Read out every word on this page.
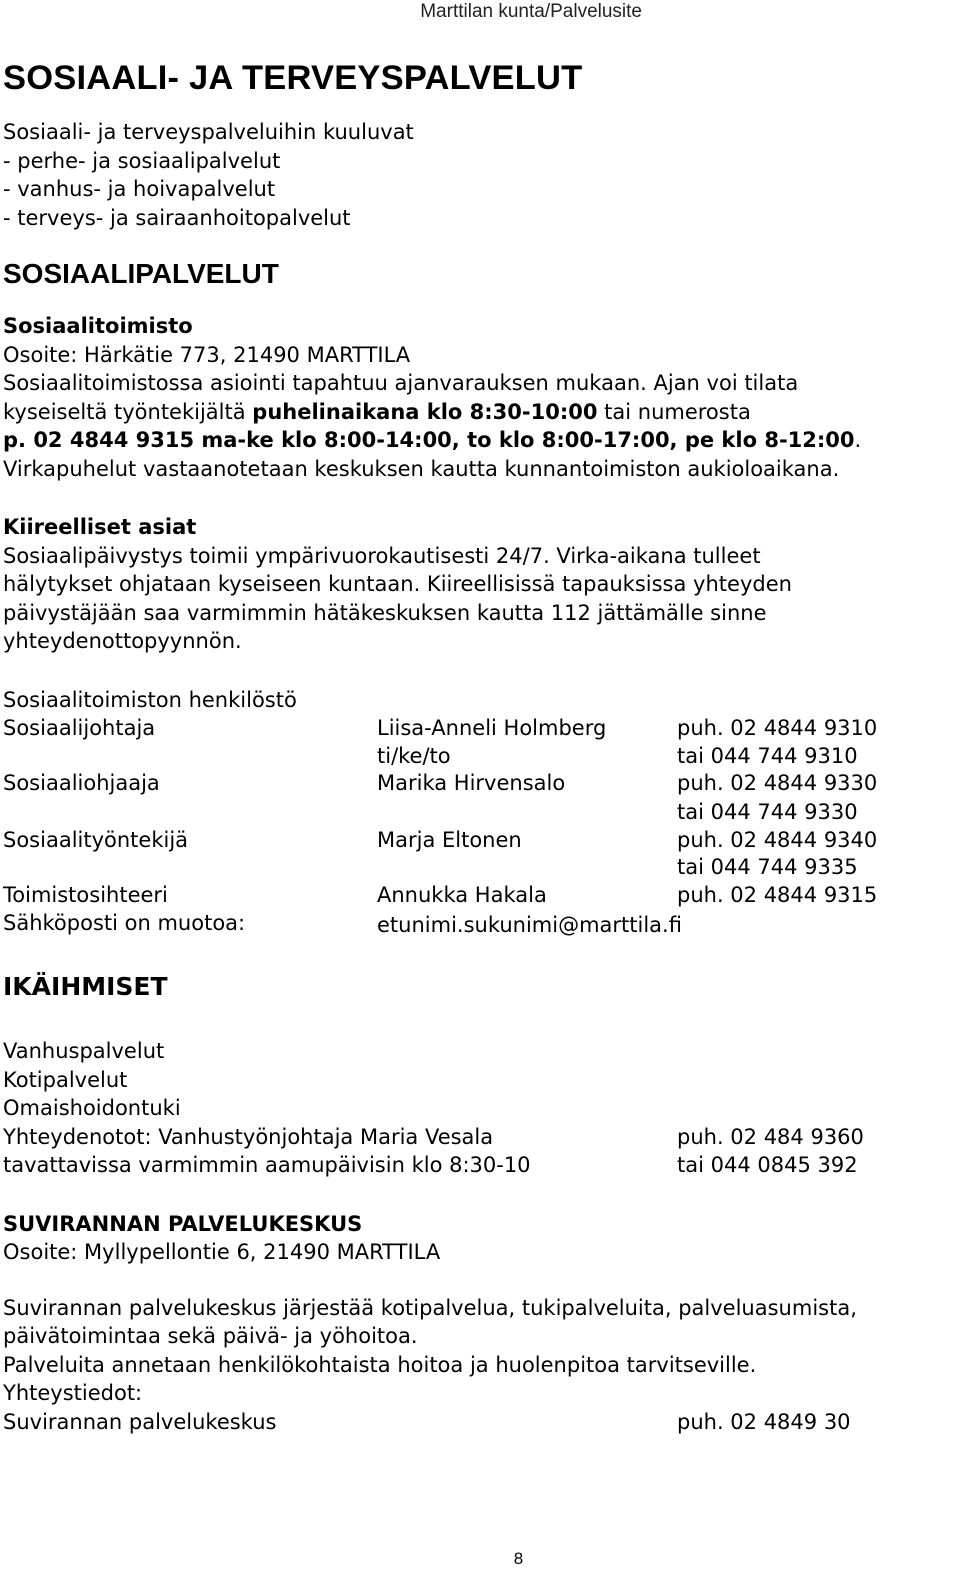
Marttilan kunta/Palvelusite
SOSIAALI- JA TERVEYSPALVELUT
Sosiaali- ja terveyspalveluihin kuuluvat
- perhe- ja sosiaalipalvelut
- vanhus- ja hoivapalvelut
- terveys- ja sairaanhoitopalvelut
SOSIAALIPALVELUT
Sosiaalitoimisto
Osoite: Härkätie 773, 21490 MARTTILA
Sosiaalitoimistossa asiointi tapahtuu ajanvarauksen mukaan. Ajan voi tilata
kyseiseltä työntekijältä puhelinaikana klo 8:30-10:00 tai numerosta
p. 02 4844 9315 ma-ke klo 8:00-14:00, to klo 8:00-17:00, pe klo 8-12:00.
Virkapuhelut vastaanotetaan keskuksen kautta kunnantoimiston aukioloaikana.
Kiireelliset asiat
Sosiaalipäivystys toimii ympärivuorokautisesti 24/7. Virka-aikana tulleet
hälytykset ohjataan kyseiseen kuntaan. Kiireellisissä tapauksissa yhteyden
päivystäjään saa varmimmin hätäkeskuksen kautta 112 jättämälle sinne
yhteydenottopyynnön.
Sosiaalitoimiston henkilöstö
Sosiaalijohtaja	Liisa-Anneli Holmberg	puh. 02 4844 9310
ti/ke/to	tai 044 744 9310
Sosiaaliohjaaja	Marika Hirvensalo	puh. 02 4844 9330
tai 044 744 9330
Sosiaalityöntekijä	Marja Eltonen	puh. 02 4844 9340
tai 044 744 9335
Toimistosihteeri	Annukka Hakala	puh. 02 4844 9315
Sähköposti on muotoa:	etunimi.sukunimi@marttila.fi
IKÄIHMISET
Vanhuspalvelut
Kotipalvelut
Omaishoidontuki
Yhteydenotot: Vanhustyönjohtaja Maria Vesala	puh. 02 484 9360
tavattavissa varmimmin aamupäivisin klo 8:30-10	tai 044 0845 392
SUVIRANNAN PALVELUKESKUS
Osoite: Myllypellontie 6, 21490 MARTTILA
Suvirannan palvelukeskus järjestää kotipalvelua, tukipalveluita, palveluasumista,
päivätoimintaa sekä päivä- ja yöhoitoa.
Palveluita annetaan henkilökohtaista hoitoa ja huolenpitoa tarvitseville.
Yhteystiedot:
Suvirannan palvelukeskus	puh. 02 4849 30
8
